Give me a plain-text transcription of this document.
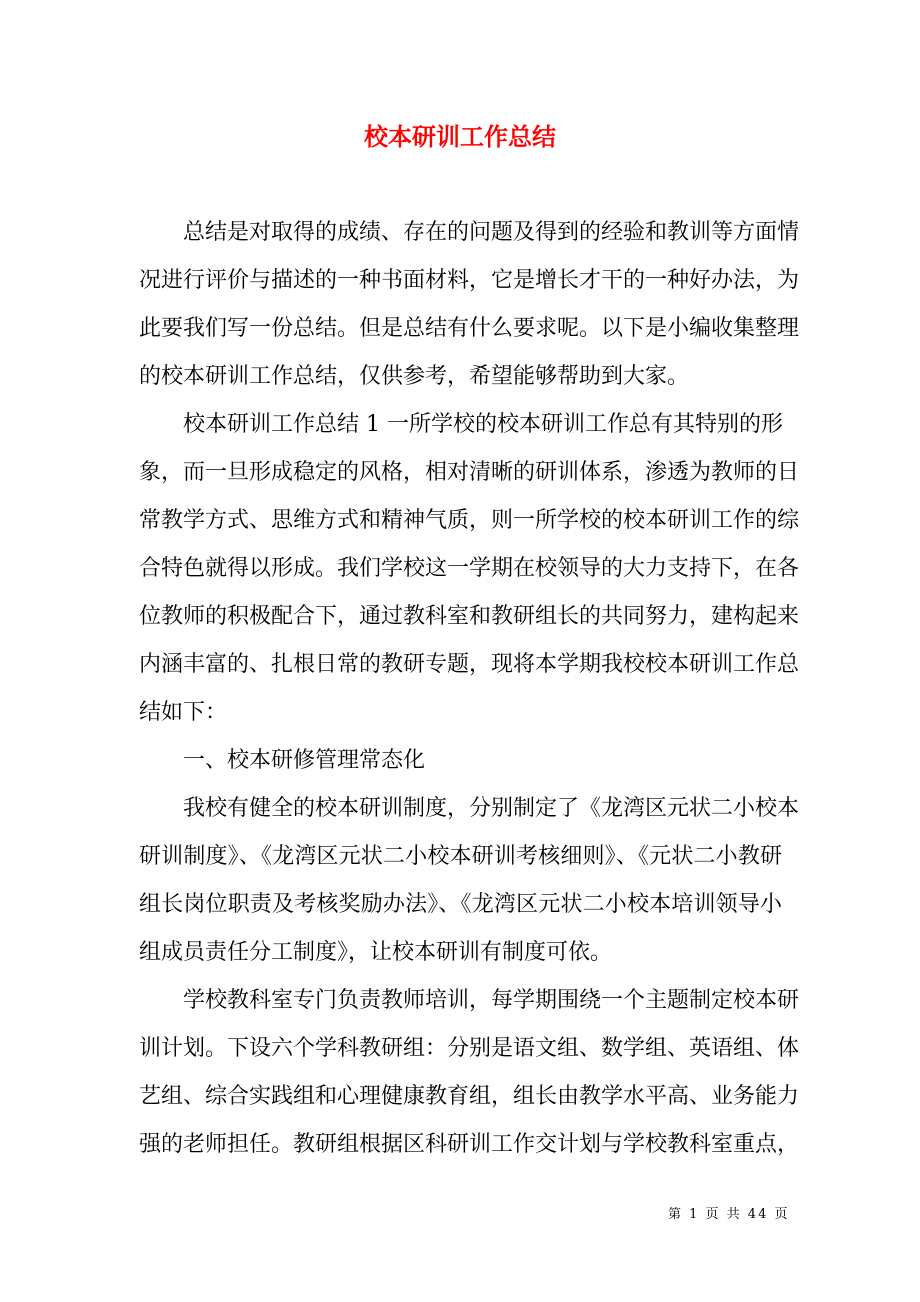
校本研训工作总结
总结是对取得的成绩、存在的问题及得到的经验和教训等方面情
况进行评价与描述的一种书面材料，它是增长才干的一种好办法，为
此要我们写一份总结。但是总结有什么要求呢。以下是小编收集整理
的校本研训工作总结，仅供参考，希望能够帮助到大家。
校本研训工作总结 1 一所学校的校本研训工作总有其特别的形
象，而一旦形成稳定的风格，相对清晰的研训体系，渗透为教师的日
常教学方式、思维方式和精神气质，则一所学校的校本研训工作的综
合特色就得以形成。我们学校这一学期在校领导的大力支持下，在各
位教师的积极配合下，通过教科室和教研组长的共同努力，建构起来
内涵丰富的、扎根日常的教研专题，现将本学期我校校本研训工作总
结如下：
一、校本研修管理常态化
我校有健全的校本研训制度，分别制定了《龙湾区元状二小校本
研训制度》、《龙湾区元状二小校本研训考核细则》、《元状二小教研
组长岗位职责及考核奖励办法》、《龙湾区元状二小校本培训领导小
组成员责任分工制度》，让校本研训有制度可依。
学校教科室专门负责教师培训，每学期围绕一个主题制定校本研
训计划。下设六个学科教研组：分别是语文组、数学组、英语组、体
艺组、综合实践组和心理健康教育组，组长由教学水平高、业务能力
强的老师担任。教研组根据区科研训工作交计划与学校教科室重点，
第 1 页 共 44 页
